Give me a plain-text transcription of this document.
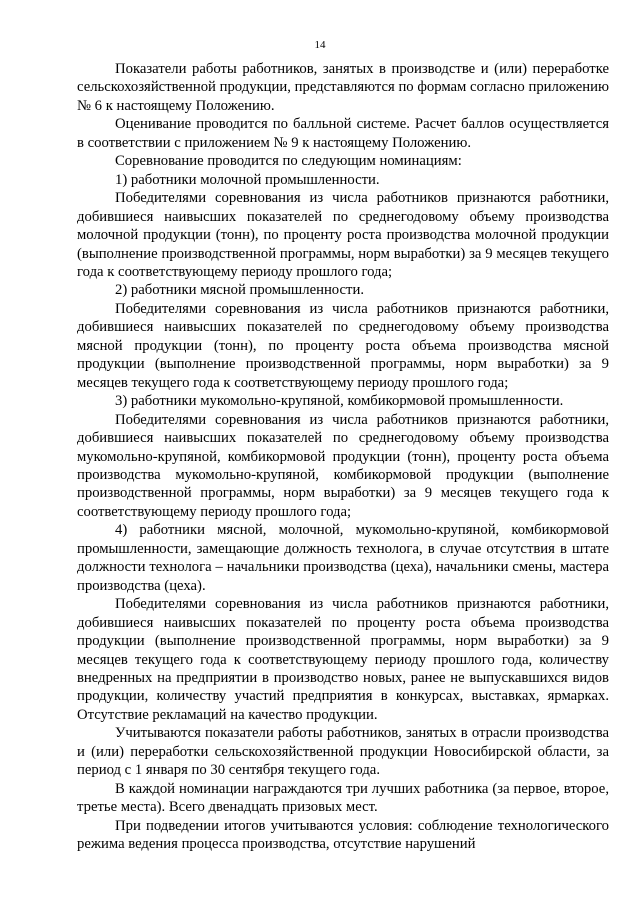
14

Показатели работы работников, занятых в производстве и (или) переработке сельскохозяйственной продукции, представляются по формам согласно приложению № 6 к настоящему Положению.

Оценивание проводится по балльной системе. Расчет баллов осуществляется в соответствии с приложением № 9 к настоящему Положению.

Соревнование проводится по следующим номинациям:

1) работники молочной промышленности.

Победителями соревнования из числа работников признаются работники, добившиеся наивысших показателей по среднегодовому объему производства молочной продукции (тонн), по проценту роста производства молочной продукции (выполнение производственной программы, норм выработки) за 9 месяцев текущего года к соответствующему периоду прошлого года;

2) работники мясной промышленности.

Победителями соревнования из числа работников признаются работники, добившиеся наивысших показателей по среднегодовому объему производства мясной продукции (тонн), по проценту роста объема производства мясной продукции (выполнение производственной программы, норм выработки) за 9 месяцев текущего года к соответствующему периоду прошлого года;

3) работники мукомольно-крупяной, комбикормовой промышленности.

Победителями соревнования из числа работников признаются работники, добившиеся наивысших показателей по среднегодовому объему производства мукомольно-крупяной, комбикормовой продукции (тонн), проценту роста объема производства мукомольно-крупяной, комбикормовой продукции (выполнение производственной программы, норм выработки) за 9 месяцев текущего года к соответствующему периоду прошлого года;

4) работники мясной, молочной, мукомольно-крупяной, комбикормовой промышленности, замещающие должность технолога, в случае отсутствия в штате должности технолога – начальники производства (цеха), начальники смены, мастера производства (цеха).

Победителями соревнования из числа работников признаются работники, добившиеся наивысших показателей по проценту роста объема производства продукции (выполнение производственной программы, норм выработки) за 9 месяцев текущего года к соответствующему периоду прошлого года, количеству внедренных на предприятии в производство новых, ранее не выпускавшихся видов продукции, количеству участий предприятия в конкурсах, выставках, ярмарках. Отсутствие рекламаций на качество продукции.

Учитываются показатели работы работников, занятых в отрасли производства и (или) переработки сельскохозяйственной продукции Новосибирской области, за период с 1 января по 30 сентября текущего года.

В каждой номинации награждаются три лучших работника (за первое, второе, третье места). Всего двенадцать призовых мест.

При подведении итогов учитываются условия: соблюдение технологического режима ведения процесса производства, отсутствие нарушений
